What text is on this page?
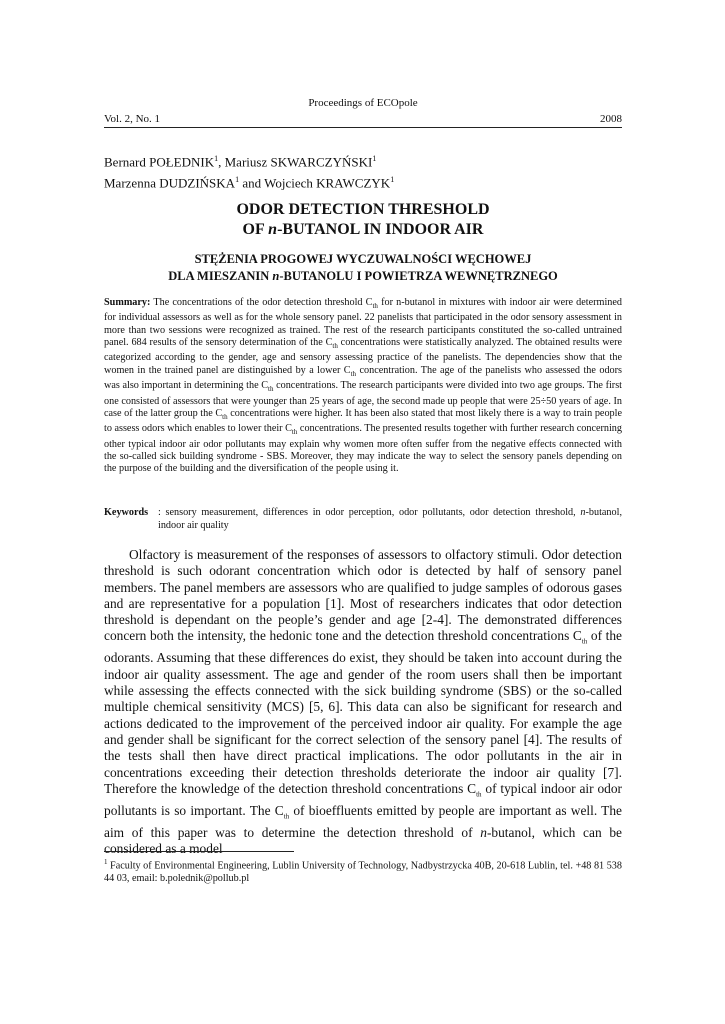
Proceedings of ECOpole
Vol. 2, No. 1	2008
Bernard POŁEDNIK$^1$, Mariusz SKWARCZYŃSKI$^1$
Marzenna DUDZIŃSKA$^1$ and Wojciech KRAWCZYK$^1$
ODOR DETECTION THRESHOLD
OF n-BUTANOL IN INDOOR AIR
STĘŻENIA PROGOWEJ WYCZUWALNOŚCI WĘCHOWEJ
DLA MIESZANIN n-BUTANOLU I POWIETRZA WEWNĘTRZNEGO
Summary: The concentrations of the odor detection threshold $C_{th}$ for n-butanol in mixtures with indoor air were determined for individual assessors as well as for the whole sensory panel. 22 panelists that participated in the odor sensory assessment in more than two sessions were recognized as trained. The rest of the research participants constituted the so-called untrained panel. 684 results of the sensory determination of the $C_{th}$ concentrations were statistically analyzed. The obtained results were categorized according to the gender, age and sensory assessing practice of the panelists. The dependencies show that the women in the trained panel are distinguished by a lower $C_{th}$ concentration. The age of the panelists who assessed the odors was also important in determining the $C_{th}$ concentrations. The research participants were divided into two age groups. The first one consisted of assessors that were younger than 25 years of age, the second made up people that were 25÷50 years of age. In case of the latter group the $C_{th}$ concentrations were higher. It has been also stated that most likely there is a way to train people to assess odors which enables to lower their $C_{th}$ concentrations. The presented results together with further research concerning other typical indoor air odor pollutants may explain why women more often suffer from the negative effects connected with the so-called sick building syndrome - SBS. Moreover, they may indicate the way to select the sensory panels depending on the purpose of the building and the diversification of the people using it.
Keywords : sensory measurement, differences in odor perception, odor pollutants, odor detection threshold, n-butanol, indoor air quality

Olfactory is measurement of the responses of assessors to olfactory stimuli. Odor detection threshold is such odorant concentration which odor is detected by half of sensory panel members. The panel members are assessors who are qualified to judge samples of odorous gases and are representative for a population [1]. Most of researchers indicates that odor detection threshold is dependant on the people’s gender and age [2-4]. The demonstrated differences concern both the intensity, the hedonic tone and the detection threshold concentrations $C_{th}$ of the odorants. Assuming that these differences do exist, they should be taken into account during the indoor air quality assessment. The age and gender of the room users shall then be important while assessing the effects connected with the sick building syndrome (SBS) or the so-called multiple chemical sensitivity (MCS) [5, 6]. This data can also be significant for research and actions dedicated to the improvement of the perceived indoor air quality. For example the age and gender shall be significant for the correct selection of the sensory panel [4]. The results of the tests shall then have direct practical implications. The odor pollutants in the air in concentrations exceeding their detection thresholds deteriorate the indoor air quality [7]. Therefore the knowledge of the detection threshold concentrations $C_{th}$ of typical indoor air odor pollutants is so important. The $C_{th}$ of bioeffluents emitted by people are important as well. The aim of this paper was to determine the detection threshold of n-butanol, which can be considered as a model

$^1$ Faculty of Environmental Engineering, Lublin University of Technology, Nadbystrzycka 40B, 20-618 Lublin, tel. +48 81 538 44 03, email: b.polednik@pollub.pl
